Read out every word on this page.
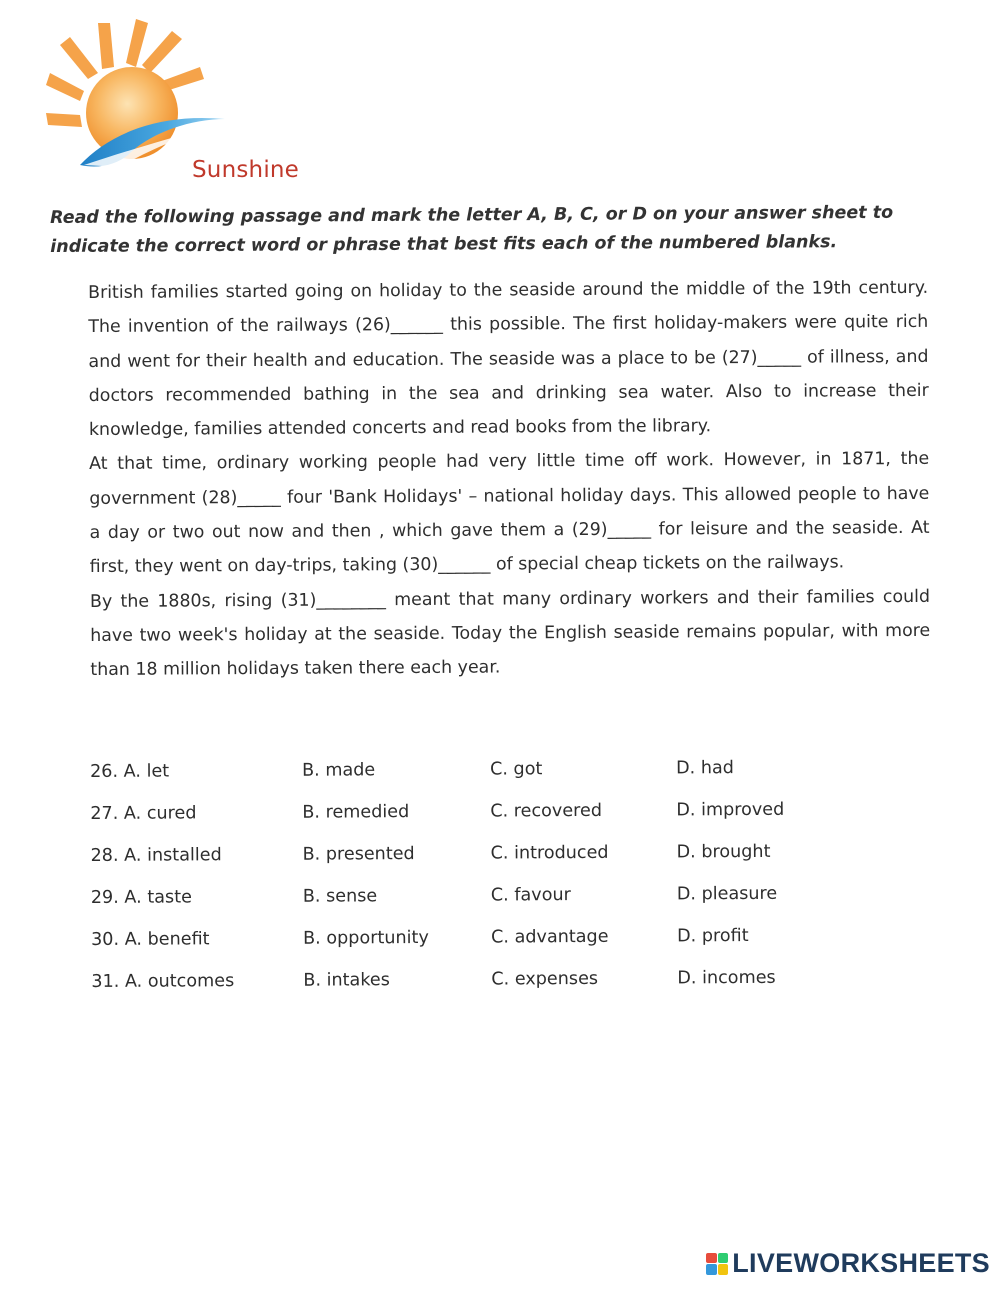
Sunshine
Read the following passage and mark the letter A, B, C, or D on your answer sheet to indicate the correct word or phrase that best fits each of the numbered blanks.

British families started going on holiday to the seaside around the middle of the 19th century. The invention of the railways (26)______ this possible. The first holiday-makers were quite rich and went for their health and education. The seaside was a place to be (27)_____ of illness, and doctors recommended bathing in the sea and drinking sea water. Also to increase their knowledge, families attended concerts and read books from the library.

At that time, ordinary working people had very little time off work. However, in 1871, the government (28)_____ four 'Bank Holidays' – national holiday days. This allowed people to have a day or two out now and then , which gave them a (29)_____ for leisure and the seaside. At first, they went on day-trips, taking (30)______ of special cheap tickets on the railways.

By the 1880s, rising (31)________ meant that many ordinary workers and their families could have two week's holiday at the seaside. Today the English seaside remains popular, with more than 18 million holidays taken there each year.

26. A. let	B. made	C. got	D. had
27. A. cured	B. remedied	C. recovered	D. improved
28. A. installed	B. presented	C. introduced	D. brought
29. A. taste	B. sense	C. favour	D. pleasure
30. A. benefit	B. opportunity	C. advantage	D. profit
31. A. outcomes	B. intakes	C. expenses	D. incomes
LIVEWORKSHEETS
